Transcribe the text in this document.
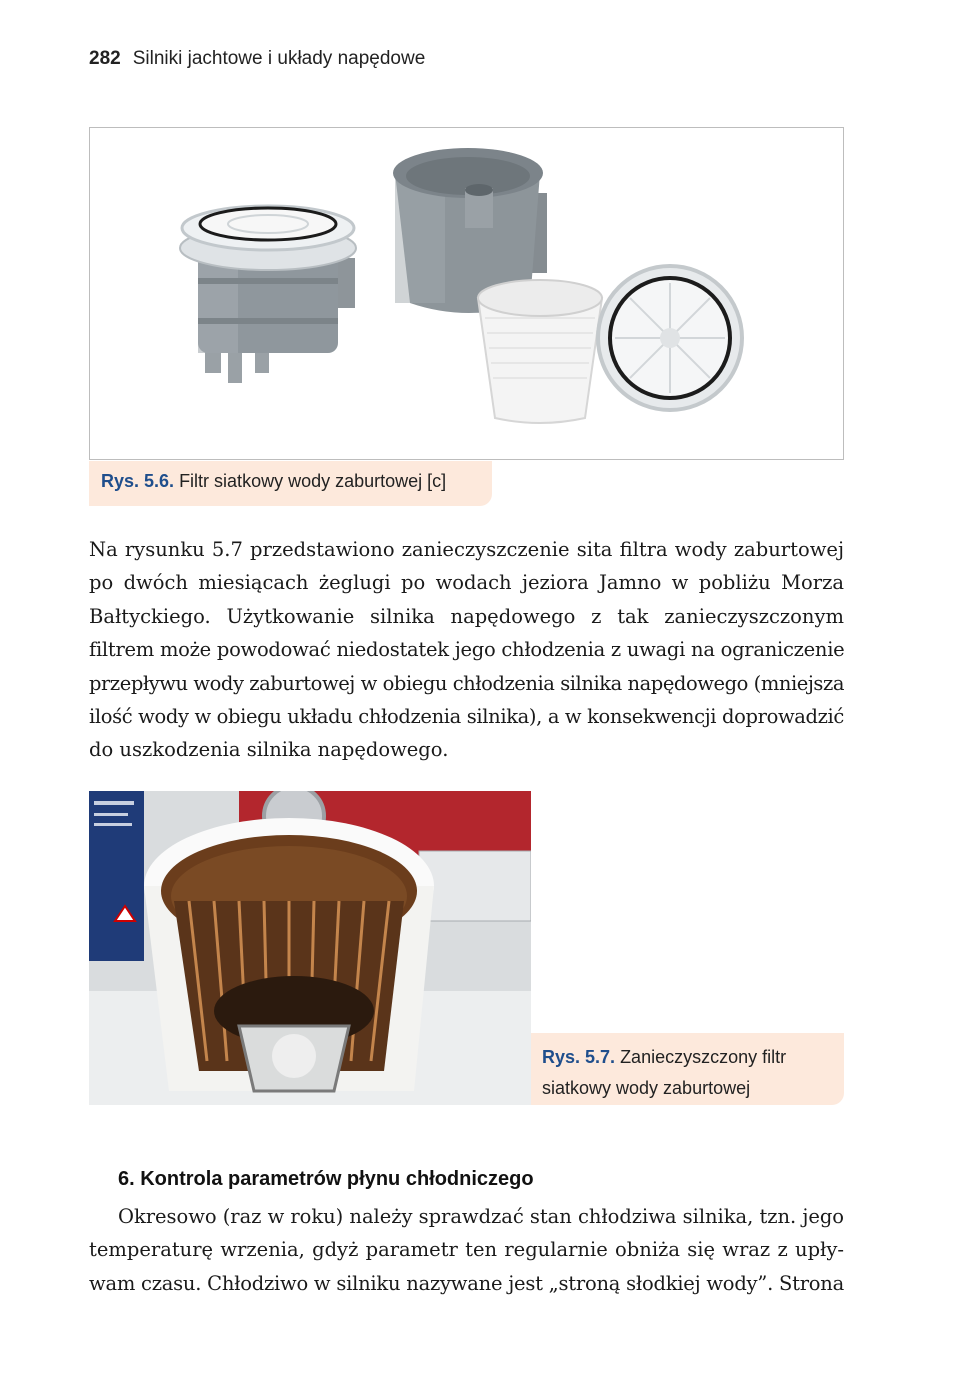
282 Silniki jachtowe i układy napędowe
Rys. 5.6. Filtr siatkowy wody zaburtowej [c]
Na rysunku 5.7 przedstawiono zanieczyszczenie sita filtra wody zaburtowej
po dwóch miesiącach żeglugi po wodach jeziora Jamno w pobliżu Morza
Bałtyckiego. Użytkowanie silnika napędowego z tak zanieczyszczonym
filtrem może powodować niedostatek jego chłodzenia z uwagi na ograniczenie
przepływu wody zaburtowej w obiegu chłodzenia silnika napędowego (mniejsza
ilość wody w obiegu układu chłodzenia silnika), a w konsekwencji doprowadzić
do uszkodzenia silnika napędowego.
Rys. 5.7. Zanieczyszczony filtr
siatkowy wody zaburtowej
6. Kontrola parametrów płynu chłodniczego
Okresowo (raz w roku) należy sprawdzać stan chłodziwa silnika, tzn. jego
temperaturę wrzenia, gdyż parametr ten regularnie obniża się wraz z upły-
wam czasu. Chłodziwo w silniku nazywane jest „stroną słodkiej wody”. Strona
